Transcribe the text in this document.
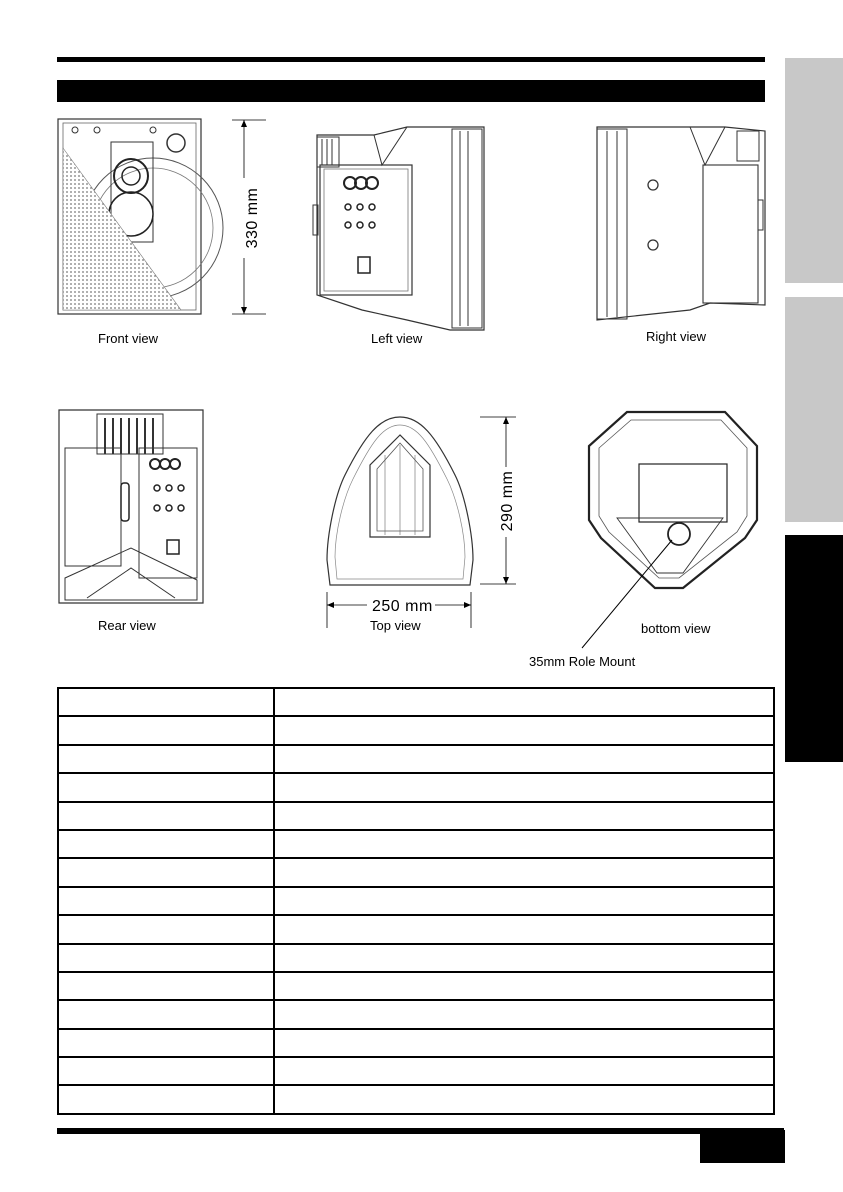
330 mm
Front view	Left view	Right view
Rear view
290 mm
250 mm
Top view	bottom view
35mm Role Mount
